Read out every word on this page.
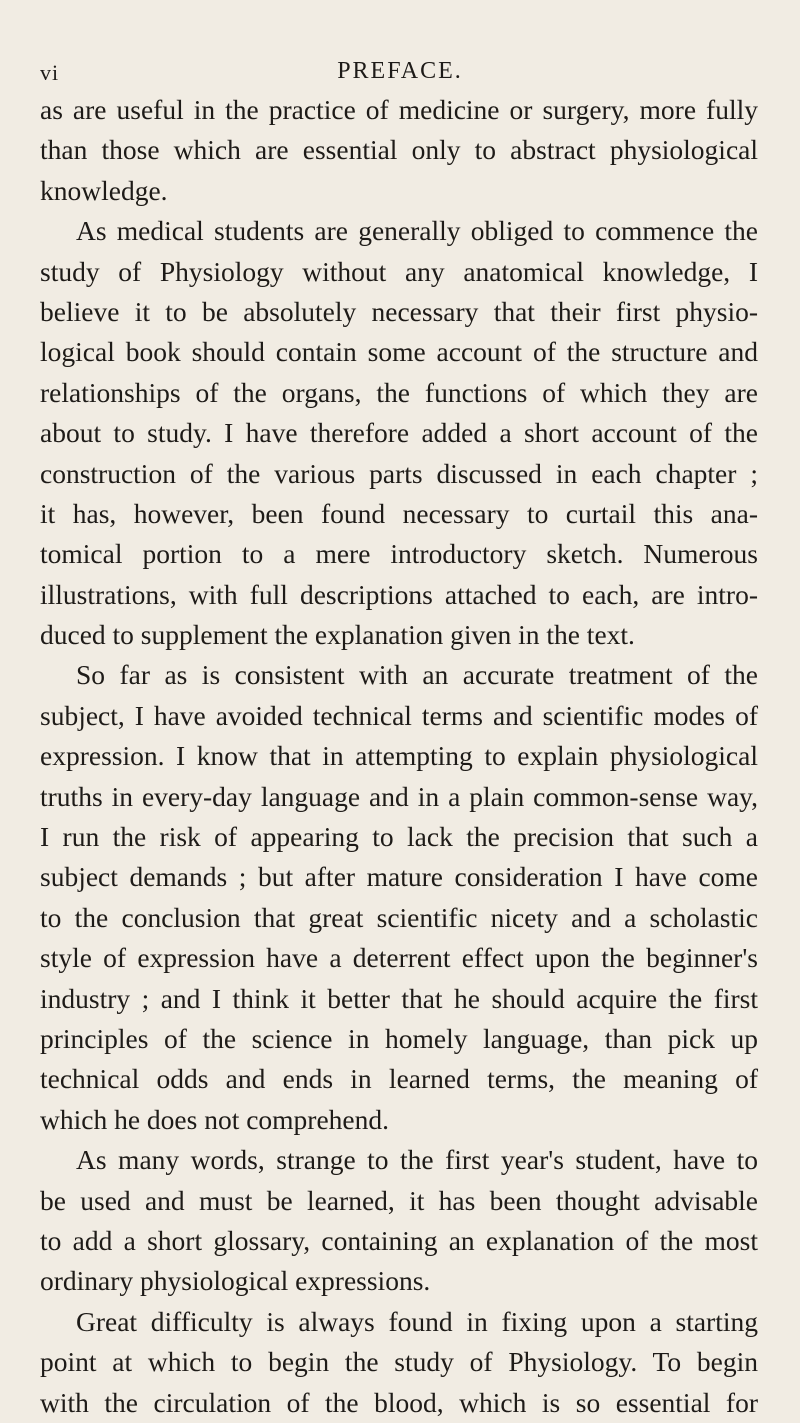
vi	PREFACE.
as are useful in the practice of medicine or surgery, more fully
than those which are essential only to abstract physiological
knowledge.
As medical students are generally obliged to commence the
study of Physiology without any anatomical knowledge, I
believe it to be absolutely necessary that their first physio-
logical book should contain some account of the structure and
relationships of the organs, the functions of which they are
about to study. I have therefore added a short account of the
construction of the various parts discussed in each chapter ;
it has, however, been found necessary to curtail this ana-
tomical portion to a mere introductory sketch. Numerous
illustrations, with full descriptions attached to each, are intro-
duced to supplement the explanation given in the text.
So far as is consistent with an accurate treatment of the
subject, I have avoided technical terms and scientific modes of
expression. I know that in attempting to explain physiological
truths in every-day language and in a plain common-sense way,
I run the risk of appearing to lack the precision that such a
subject demands ; but after mature consideration I have come
to the conclusion that great scientific nicety and a scholastic
style of expression have a deterrent effect upon the beginner's
industry ; and I think it better that he should acquire the first
principles of the science in homely language, than pick up
technical odds and ends in learned terms, the meaning of
which he does not comprehend.
As many words, strange to the first year's student, have to
be used and must be learned, it has been thought advisable
to add a short glossary, containing an explanation of the most
ordinary physiological expressions.
Great difficulty is always found in fixing upon a starting
point at which to begin the study of Physiology. To begin
with the circulation of the blood, which is so essential for
